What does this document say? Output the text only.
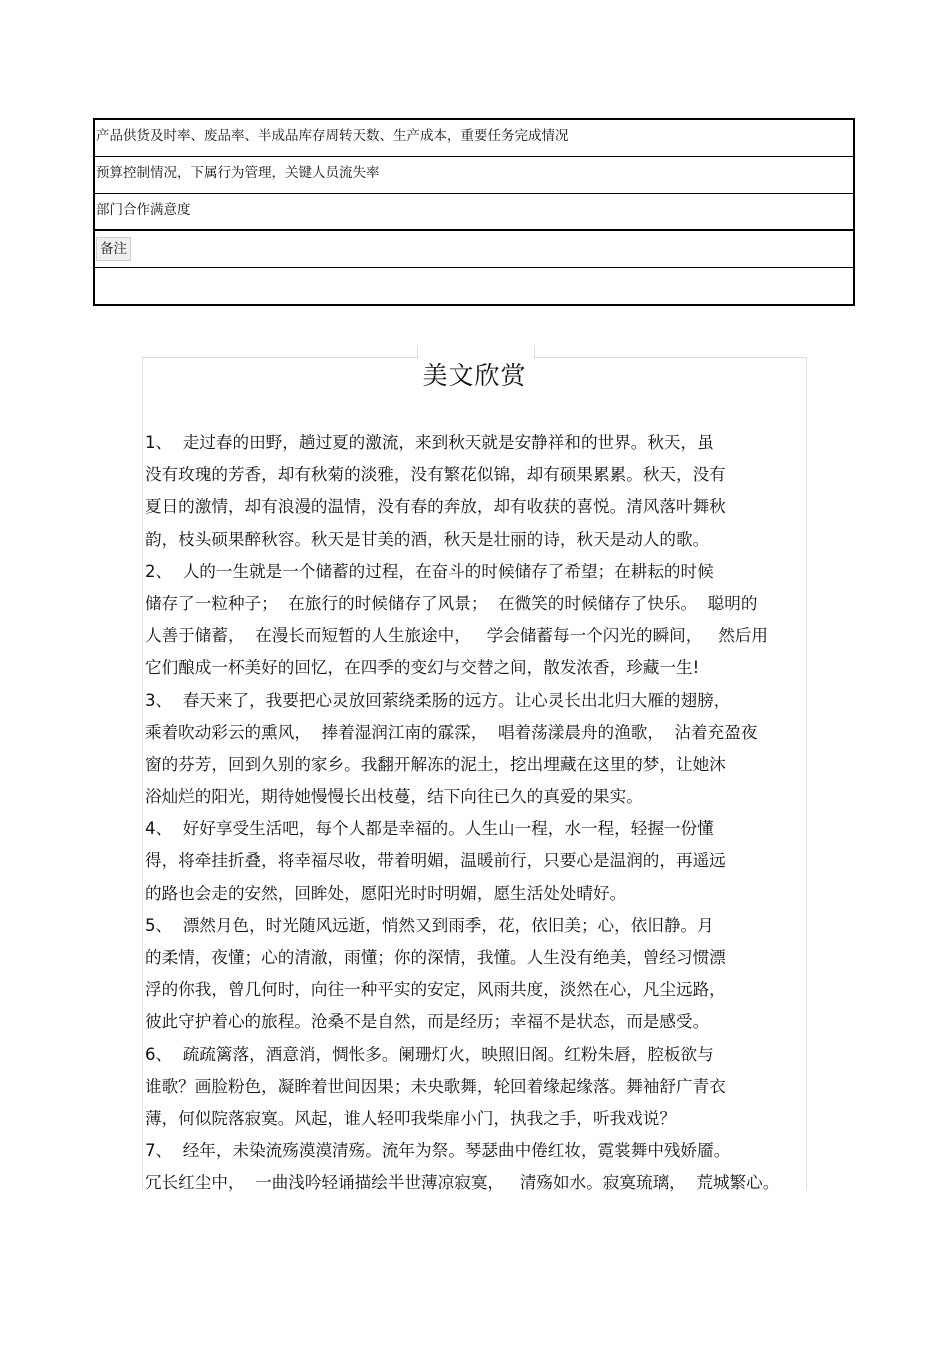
产品供货及时率、废品率、半成品库存周转天数、生产成本，重要任务完成情况
预算控制情况，下属行为管理，关键人员流失率
部门合作满意度
备注
美文欣赏
1、  走过春的田野，趟过夏的激流，来到秋天就是安静祥和的世界。秋天，虽
没有玫瑰的芳香，却有秋菊的淡雅，没有繁花似锦，却有硕果累累。秋天，没有
夏日的激情，却有浪漫的温情，没有春的奔放，却有收获的喜悦。清风落叶舞秋
韵，枝头硕果醉秋容。秋天是甘美的酒，秋天是壮丽的诗，秋天是动人的歌。
2、  人的一生就是一个储蓄的过程，在奋斗的时候储存了希望；在耕耘的时候
储存了一粒种子；  在旅行的时候储存了风景；  在微笑的时候储存了快乐。  聪明的
人善于储蓄，  在漫长而短暂的人生旅途中，   学会储蓄每一个闪光的瞬间，   然后用
它们酿成一杯美好的回忆，在四季的变幻与交替之间，散发浓香，珍藏一生!
3、  春天来了，我要把心灵放回萦绕柔肠的远方。让心灵长出北归大雁的翅膀，
乘着吹动彩云的熏风，  捧着湿润江南的霡霂，  唱着荡漾晨舟的渔歌，  沾着充盈夜
窗的芬芳，回到久别的家乡。我翻开解冻的泥土，挖出埋藏在这里的梦，让她沐
浴灿烂的阳光，期待她慢慢长出枝蔓，结下向往已久的真爱的果实。
4、  好好享受生活吧，每个人都是幸福的。人生山一程，水一程，轻握一份懂
得，将牵挂折叠，将幸福尽收，带着明媚，温暖前行，只要心是温润的，再遥远
的路也会走的安然，回眸处，愿阳光时时明媚，愿生活处处晴好。
5、  漂然月色，时光随风远逝，悄然又到雨季，花，依旧美；心，依旧静。月
的柔情，夜懂；心的清澈，雨懂；你的深情，我懂。人生没有绝美，曾经习惯漂
浮的你我，曾几何时，向往一种平实的安定，风雨共度，淡然在心，凡尘远路，
彼此守护着心的旅程。沧桑不是自然，而是经历；幸福不是状态，而是感受。
6、  疏疏篱落，酒意消，惆怅多。阑珊灯火，映照旧阁。红粉朱唇，腔板欲与
谁歌？画脸粉色，凝眸着世间因果；未央歌舞，轮回着缘起缘落。舞袖舒广青衣
薄，何似院落寂寞。风起，谁人轻叩我柴扉小门，执我之手，听我戏说？
7、  经年，未染流殇漠漠清殇。流年为祭。琴瑟曲中倦红妆，霓裳舞中残娇靥。
冗长红尘中，  一曲浅吟轻诵描绘半世薄凉寂寞，   清殇如水。寂寞琉璃，  荒城繁心。
